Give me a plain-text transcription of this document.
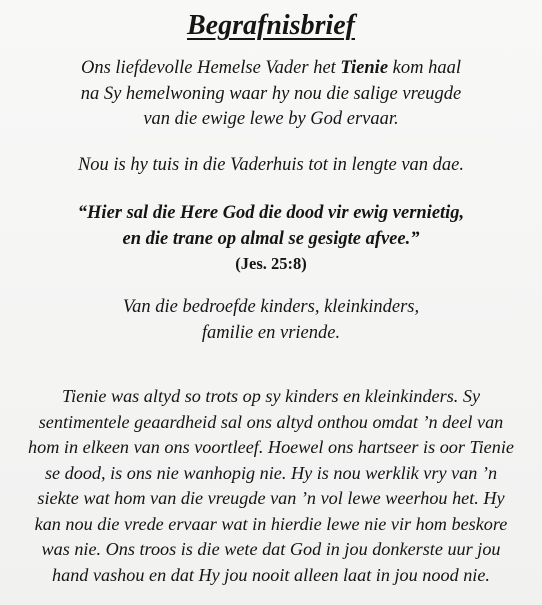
Begrafnisbrief
Ons liefdevolle Hemelse Vader het Tienie kom haal
na Sy hemelwoning waar hy nou die salige vreugde
van die ewige lewe by God ervaar.
Nou is hy tuis in die Vaderhuis tot in lengte van dae.
“Hier sal die Here God die dood vir ewig vernietig,
en die trane op almal se gesigte afvee.”
(Jes. 25:8)
Van die bedroefde kinders, kleinkinders,
familie en vriende.
Tienie was altyd so trots op sy kinders en kleinkinders. Sy
sentimentele geaardheid sal ons altyd onthou omdat ’n deel van
hom in elkeen van ons voortleef. Hoewel ons hartseer is oor Tienie
se dood, is ons nie wanhopig nie. Hy is nou werklik vry van ’n
siekte wat hom van die vreugde van ’n vol lewe weerhou het. Hy
kan nou die vrede ervaar wat in hierdie lewe nie vir hom beskore
was nie. Ons troos is die wete dat God in jou donkerste uur jou
hand vashou en dat Hy jou nooit alleen laat in jou nood nie.
